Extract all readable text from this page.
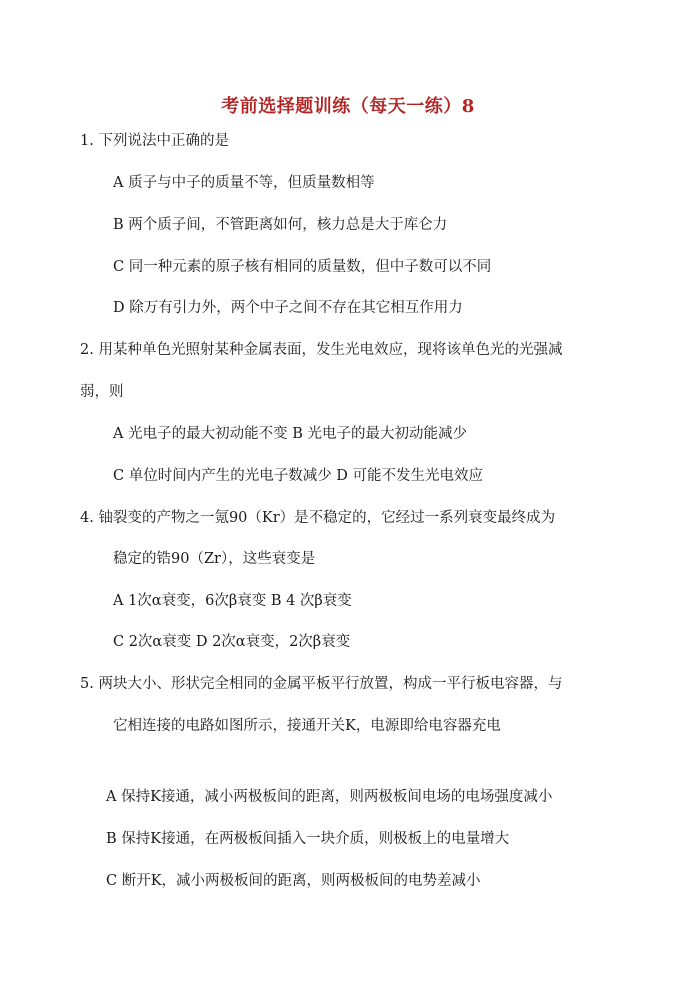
考前选择题训练（每天一练）8
1. 下列说法中正确的是
A 质子与中子的质量不等，但质量数相等
B 两个质子间，不管距离如何，核力总是大于库仑力
C 同一种元素的原子核有相同的质量数，但中子数可以不同
D 除万有引力外，两个中子之间不存在其它相互作用力
2. 用某种单色光照射某种金属表面，发生光电效应，现将该单色光的光强减
弱，则
A 光电子的最大初动能不变 B 光电子的最大初动能减少
C 单位时间内产生的光电子数减少 D 可能不发生光电效应
4. 铀裂变的产物之一氪90（Kr）是不稳定的，它经过一系列衰变最终成为
稳定的锆90（Zr），这些衰变是
A 1次α衰变，6次β衰变 B 4 次β衰变
C 2次α衰变 D 2次α衰变，2次β衰变
5. 两块大小、形状完全相同的金属平板平行放置，构成一平行板电容器，与
它相连接的电路如图所示，接通开关K，电源即给电容器充电
A 保持K接通，减小两极板间的距离，则两极板间电场的电场强度减小
B 保持K接通，在两极板间插入一块介质，则极板上的电量增大
C 断开K，减小两极板间的距离，则两极板间的电势差减小
